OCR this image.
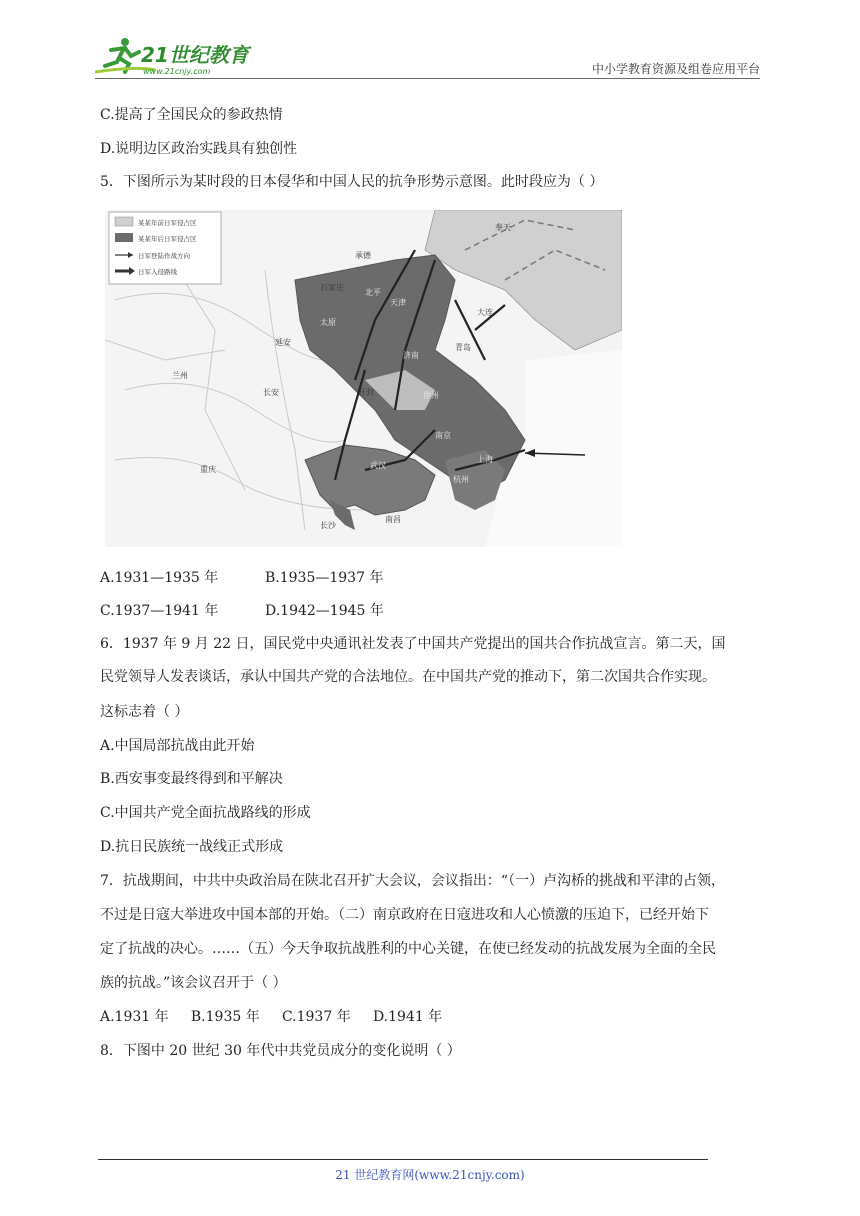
21世纪教育
www.21cnjy.com	中小学教育资源及组卷应用平台
C.提高了全国民众的参政热情
D.说明边区政治实践具有独创性
5．下图所示为某时段的日本侵华和中国人民的抗争形势示意图。此时段应为（ ）
某某年前日军侵占区
某某年后日军侵占区
日军登陆作战方向
日军入侵路线
兰州
延安
长安
重庆
北平
天津
太原
济南
青岛
徐州
开封
武汉
南京
上海
杭州
长沙
南昌
大连
奉天
承德
石家庄
A.1931—1935 年	B.1935—1937 年
C.1937—1941 年	D.1942—1945 年
6．1937 年 9 月 22 日，国民党中央通讯社发表了中国共产党提出的国共合作抗战宣言。第二天，国
民党领导人发表谈话，承认中国共产党的合法地位。在中国共产党的推动下，第二次国共合作实现。
这标志着（ ）
A.中国局部抗战由此开始
B.西安事变最终得到和平解决
C.中国共产党全面抗战路线的形成
D.抗日民族统一战线正式形成
7．抗战期间，中共中央政治局在陕北召开扩大会议，会议指出：“（一）卢沟桥的挑战和平津的占领，
不过是日寇大举进攻中国本部的开始。（二）南京政府在日寇进攻和人心愤激的压迫下，已经开始下
定了抗战的决心。……（五）今天争取抗战胜利的中心关键，在使已经发动的抗战发展为全面的全民
族的抗战。”该会议召开于（ ）
A.1931 年     B.1935 年     C.1937 年     D.1941 年
8．下图中 20 世纪 30 年代中共党员成分的变化说明（ ）
21 世纪教育网(www.21cnjy.com)
